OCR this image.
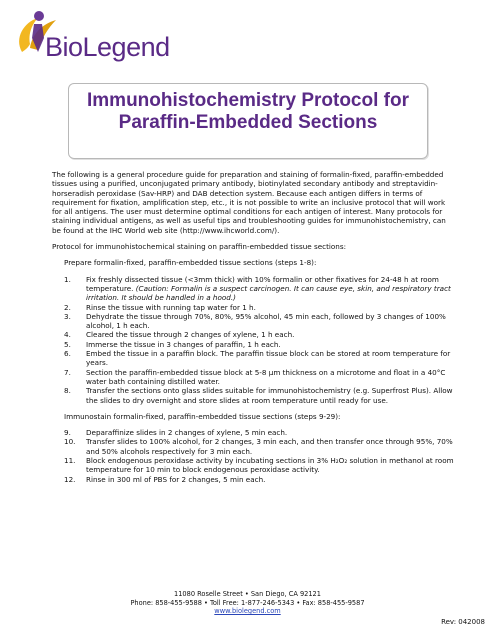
BioLegend
Immunohistochemistry Protocol for
Paraffin-Embedded Sections

The following is a general procedure guide for preparation and staining of formalin-fixed, paraffin-embedded tissues using a purified, unconjugated primary antibody, biotinylated secondary antibody and streptavidin-horseradish peroxidase (Sav-HRP) and DAB detection system. Because each antigen differs in terms of requirement for fixation, amplification step, etc., it is not possible to write an inclusive protocol that will work for all antigens. The user must determine optimal conditions for each antigen of interest. Many protocols for staining individual antigens, as well as useful tips and troubleshooting guides for immunohistochemistry, can be found at the IHC World web site (http://www.ihcworld.com/).

Protocol for immunohistochemical staining on paraffin-embedded tissue sections:

Prepare formalin-fixed, paraffin-embedded tissue sections (steps 1-8):

1. Fix freshly dissected tissue (<3mm thick) with 10% formalin or other fixatives for 24-48 h at room temperature. (Caution: Formalin is a suspect carcinogen. It can cause eye, skin, and respiratory tract irritation. It should be handled in a hood.)
2. Rinse the tissue with running tap water for 1 h.
3. Dehydrate the tissue through 70%, 80%, 95% alcohol, 45 min each, followed by 3 changes of 100% alcohol, 1 h each.
4. Cleared the tissue through 2 changes of xylene, 1 h each.
5. Immerse the tissue in 3 changes of paraffin, 1 h each.
6. Embed the tissue in a paraffin block. The paraffin tissue block can be stored at room temperature for years.
7. Section the paraffin-embedded tissue block at 5-8 μm thickness on a microtome and float in a 40°C water bath containing distilled water.
8. Transfer the sections onto glass slides suitable for immunohistochemistry (e.g. Superfrost Plus). Allow the slides to dry overnight and store slides at room temperature until ready for use.

Immunostain formalin-fixed, paraffin-embedded tissue sections (steps 9-29):

9. Deparaffinize slides in 2 changes of xylene, 5 min each.
10. Transfer slides to 100% alcohol, for 2 changes, 3 min each, and then transfer once through 95%, 70% and 50% alcohols respectively for 3 min each.
11. Block endogenous peroxidase activity by incubating sections in 3% H₂O₂ solution in methanol at room temperature for 10 min to block endogenous peroxidase activity.
12. Rinse in 300 ml of PBS for 2 changes, 5 min each.
11080 Roselle Street • San Diego, CA 92121
Phone: 858-455-9588 • Toll Free: 1-877-246-5343 • Fax: 858-455-9587
www.biolegend.com
Rev: 042008
